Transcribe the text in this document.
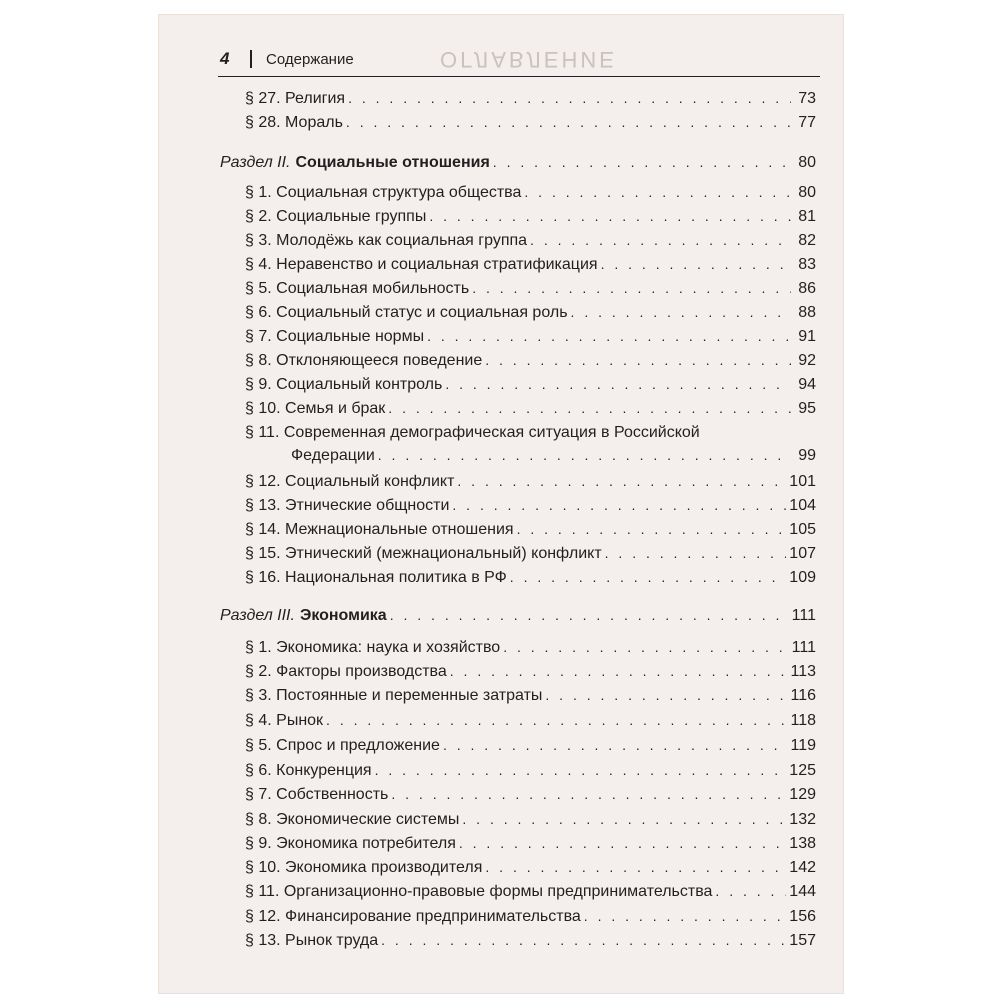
ОГЛАВЛЕНИЕ
4	Содержание
§ 27.
Религия . . .	73
§ 28.
Мораль . . .	77
Раздел II. Социальные отношения . . .	80
§ 1.
Социальная структура общества . . .	80
§ 2.
Социальные группы . . .	81
§ 3.
Молодёжь как социальная группа . . .	82
§ 4.
Неравенство и социальная стратификация . . .	83
§ 5.
Социальная мобильность . . .	86
§ 6.
Социальный статус и социальная роль . . .	88
§ 7.
Социальные нормы . . .	91
§ 8.
Отклоняющееся поведение . . .	92
§ 9.
Социальный контроль . . .	94
§ 10.
Семья и брак . . .	95
§ 11.
Современная демографическая ситуация в Российской
Федерации . . .	99
§ 12.
Социальный конфликт . . .	101
§ 13.
Этнические общности . . .	104
§ 14.
Межнациональные отношения . . .	105
§ 15.
Этнический (межнациональный) конфликт . . .	107
§ 16.
Национальная политика в РФ . . .	109
Раздел III. Экономика . . .	111
§ 1.
Экономика: наука и хозяйство . . .	111
§ 2.
Факторы производства . . .	113
§ 3.
Постоянные и переменные затраты . . .	116
§ 4.
Рынок . . .	118
§ 5.
Спрос и предложение . . .	119
§ 6.
Конкуренция . . .	125
§ 7.
Собственность . . .	129
§ 8.
Экономические системы . . .	132
§ 9.
Экономика потребителя . . .	138
§ 10.
Экономика производителя . . .	142
§ 11.
Организационно-правовые формы предпринимательства . . .	144
§ 12.
Финансирование предпринимательства . . .	156
§ 13.
Рынок труда . . .	157
